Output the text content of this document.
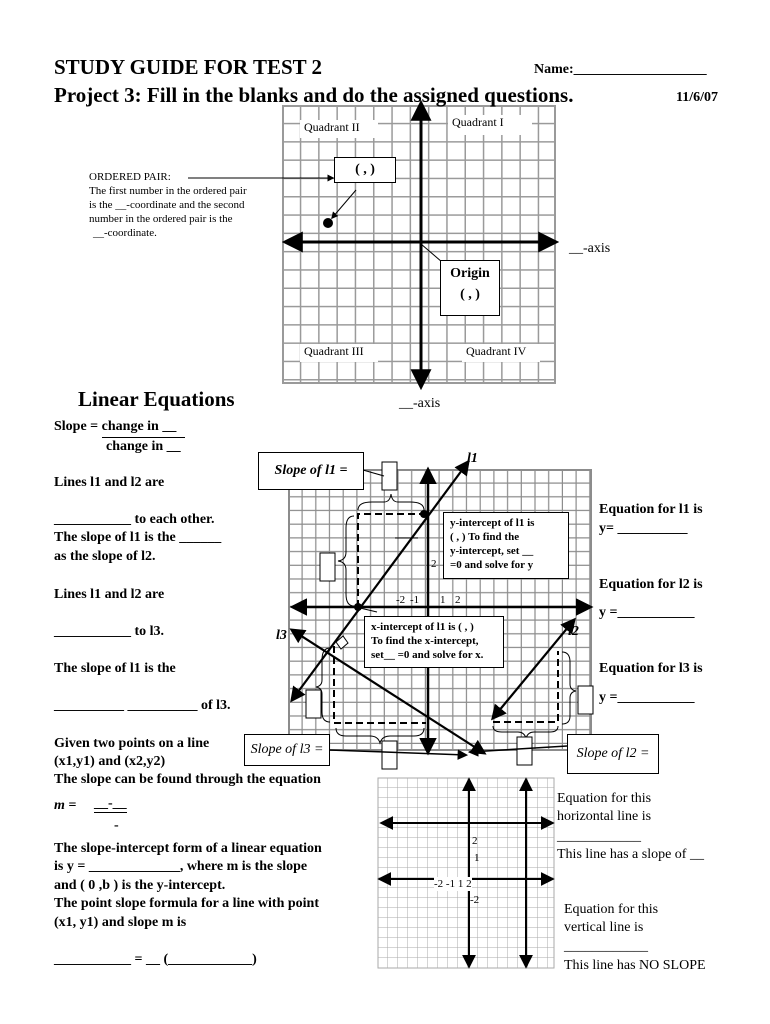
STUDY GUIDE FOR TEST 2	Name:___________________
Project 3: Fill in the blanks and do the assigned questions.	11/6/07
Quadrant II	Quadrant I
( , )
ORDERED PAIR:
The first number in the ordered pair
is the __-coordinate and the second
number in the ordered pair is the
__-coordinate.
Origin
( , )
__-axis
Quadrant III	Quadrant IV
__-axis
Linear Equations
Slope = change in __
change in __
Lines l1 and l2 are
___________ to each other.
The slope of l1 is the ______
as the slope of l2.
Lines l1 and l2 are
___________ to l3.
The slope of l1 is the
__________ __________ of l3.
Given two points on a line
(x1,y1) and (x2,y2)
The slope can be found through the equation
m = __-__
-
The slope-intercept form of a linear equation
is y = _____________, where m is the slope
and ( 0 ,b ) is the y-intercept.
The point slope formula for a line with point
(x1, y1) and slope m is
___________ = __ (____________)
Slope of l1 =
l1
l2
l3
y-intercept of l1 is
( , ) To find the
y-intercept, set __
=0 and solve for y
x-intercept of l1 is ( , )
To find the x-intercept,
set__ =0 and solve for x.
-2 -1 1 2
2
Slope of l3 =	Slope of l2 =
Equation for l1 is
y= __________
Equation for l2 is
y =___________
Equation for l3 is
y =___________
2
1
-2 -1 1 2
-2
Equation for this
horizontal line is
____________
This line has a slope of __
Equation for this
vertical line is
____________
This line has NO SLOPE
